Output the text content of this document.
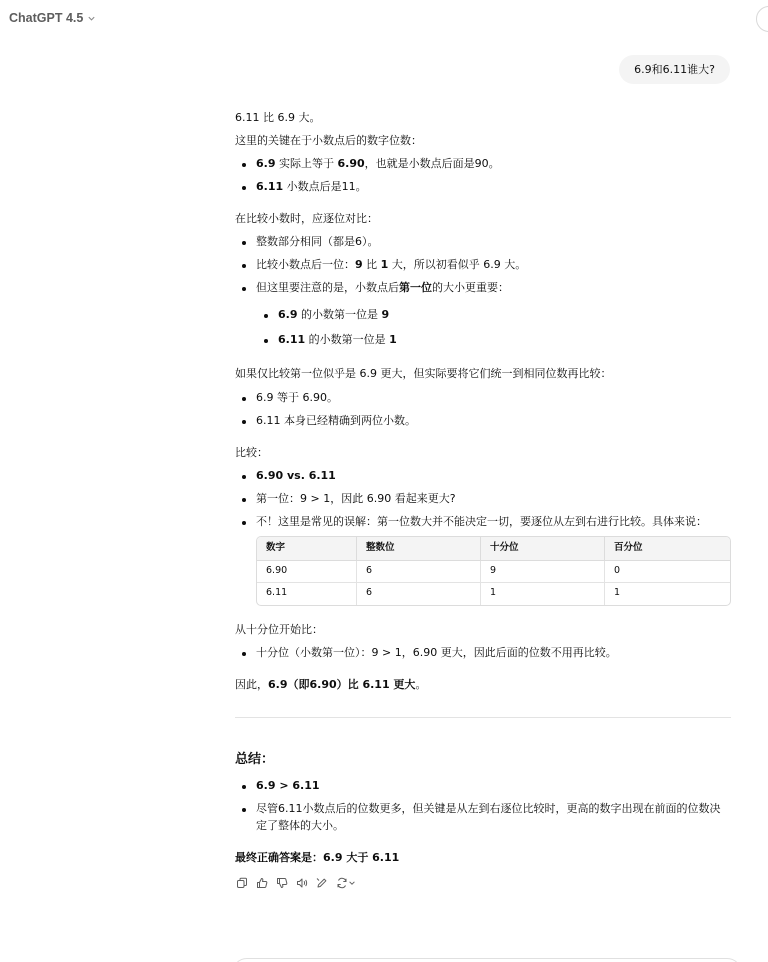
ChatGPT 4.5
6.9和6.11谁大?

6.11 比 6.9 大。

这里的关键在于小数点后的数字位数：

6.9 实际上等于 6.90，也就是小数点后面是90。
6.11 小数点后是11。

在比较小数时，应逐位对比：

整数部分相同（都是6）。
比较小数点后一位：9 比 1 大，所以初看似乎 6.9 大。
但这里要注意的是，小数点后第一位的大小更重要：
6.9 的小数第一位是 9
6.11 的小数第一位是 1

如果仅比较第一位似乎是 6.9 更大，但实际要将它们统一到相同位数再比较：

6.9 等于 6.90。
6.11 本身已经精确到两位小数。

比较：

6.90 vs. 6.11
第一位：9 > 1，因此 6.90 看起来更大?
不！这里是常见的误解：第一位数大并不能决定一切，要逐位从左到右进行比较。具体来说：
数字	整数位	十分位	百分位
6.90	6	9	0
6.11	6	1	1

从十分位开始比：

十分位（小数第一位）：9 > 1，6.90 更大，因此后面的位数不用再比较。

因此，6.9（即6.90）比 6.11 更大。

总结：
6.9 > 6.11
尽管6.11小数点后的位数更多，但关键是从左到右逐位比较时，更高的数字出现在前面的位数决定了整体的大小。

最终正确答案是：6.9 大于 6.11
